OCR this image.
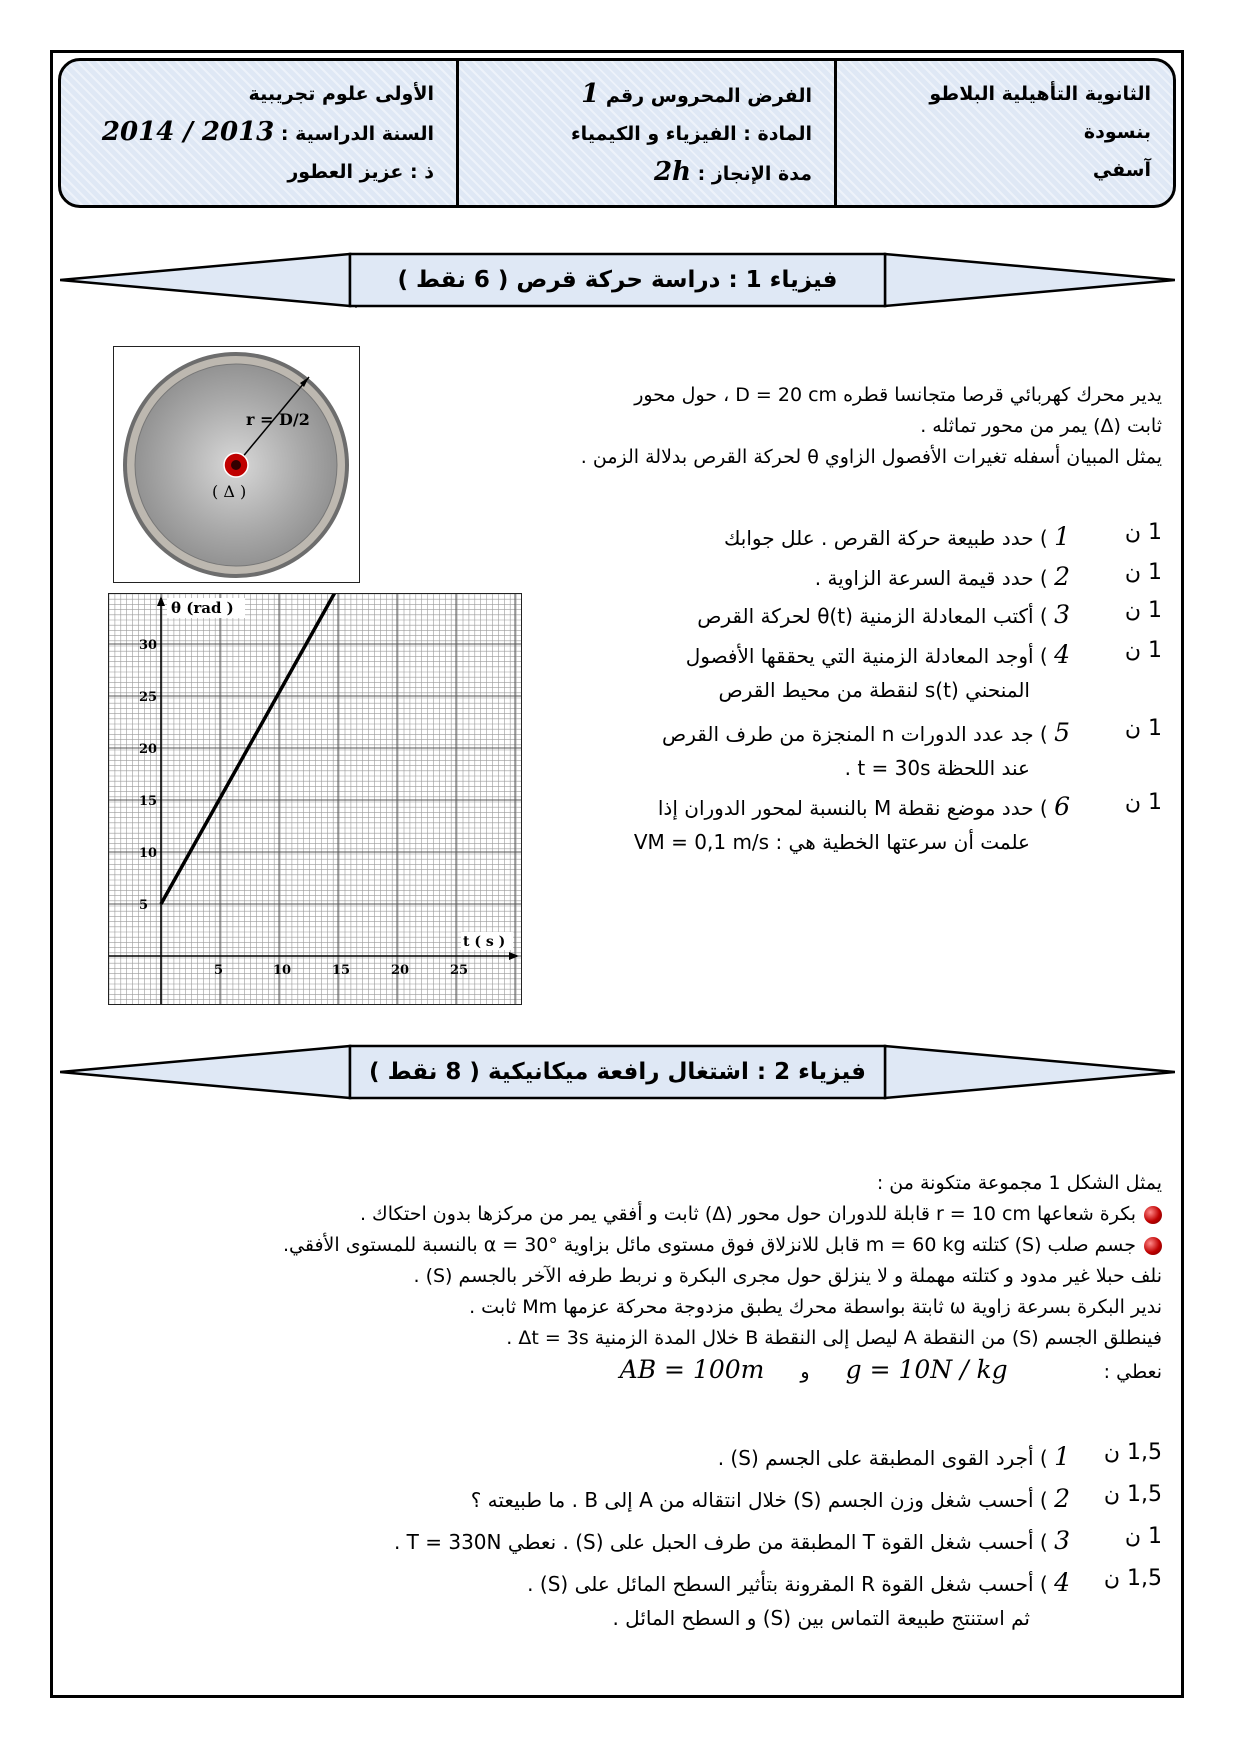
الأولى علوم تجريبية
السنة الدراسية : 2014 / 2013
ذ : عزيز العطور
الفرض المحروس رقم 1
المادة : الفيزياء و الكيمياء
مدة الإنجاز : 2h
الثانوية التأهيلية البلاطو بنسودة
آسفي
فيزياء 1 : دراسة حركة قرص ( 6 نقط )
r = D/2
( Δ )
يدير محرك كهربائي قرصا متجانسا قطره D = 20 cm ، حول محور
ثابت (Δ) يمر من محور تماثله .
يمثل المبيان أسفله تغيرات الأفصول الزاوي θ لحركة القرص بدلالة الزمن .
1 ) حدد طبيعة حركة القرص . علل جوابك	1 ن
2 ) حدد قيمة السرعة الزاوية .	1 ن
3 ) أكتب المعادلة الزمنية θ(t) لحركة القرص	1 ن
4 ) أوجد المعادلة الزمنية التي يحققها الأفصول
المنحني s(t) لنقطة من محيط القرص
1 ن
5 ) جد عدد الدورات n المنجزة من طرف القرص
عند اللحظة t = 30s .
1 ن
6 ) حدد موضع نقطة M بالنسبة لمحور الدوران إذا
علمت أن سرعتها الخطية هي : VM = 0,1 m/s
1 ن
5	10	15	20	25
5
10
15
20
25
30
θ (rad )
t ( s )
فيزياء 2 : اشتغال رافعة ميكانيكية ( 8 نقط )
يمثل الشكل 1 مجموعة متكونة من :
بكرة شعاعها r = 10 cm قابلة للدوران حول محور (Δ) ثابت و أفقي يمر من مركزها بدون احتكاك .
جسم صلب (S) كتلته m = 60 kg قابل للانزلاق فوق مستوى مائل بزاوية α = 30° بالنسبة للمستوى الأفقي.
نلف حبلا غير مدود و كتلته مهملة و لا ينزلق حول مجرى البكرة و نربط طرفه الآخر بالجسم (S) .
ندير البكرة بسرعة زاوية ω ثابتة بواسطة محرك يطبق مزدوجة محركة عزمها Mm ثابت .
فينطلق الجسم (S) من النقطة A ليصل إلى النقطة B خلال المدة الزمنية Δt = 3s .
نعطي : g = 10N / kg و AB = 100m
1 ) أجرد القوى المطبقة على الجسم (S) .	1,5 ن
2 ) أحسب شغل وزن الجسم (S) خلال انتقاله من A إلى B . ما طبيعته ؟	1,5 ن
3 ) أحسب شغل القوة T المطبقة من طرف الحبل على (S) . نعطي T = 330N .	1 ن
4 ) أحسب شغل القوة R المقرونة بتأثير السطح المائل على (S) .
ثم استنتج طبيعة التماس بين (S) و السطح المائل .
1,5 ن
